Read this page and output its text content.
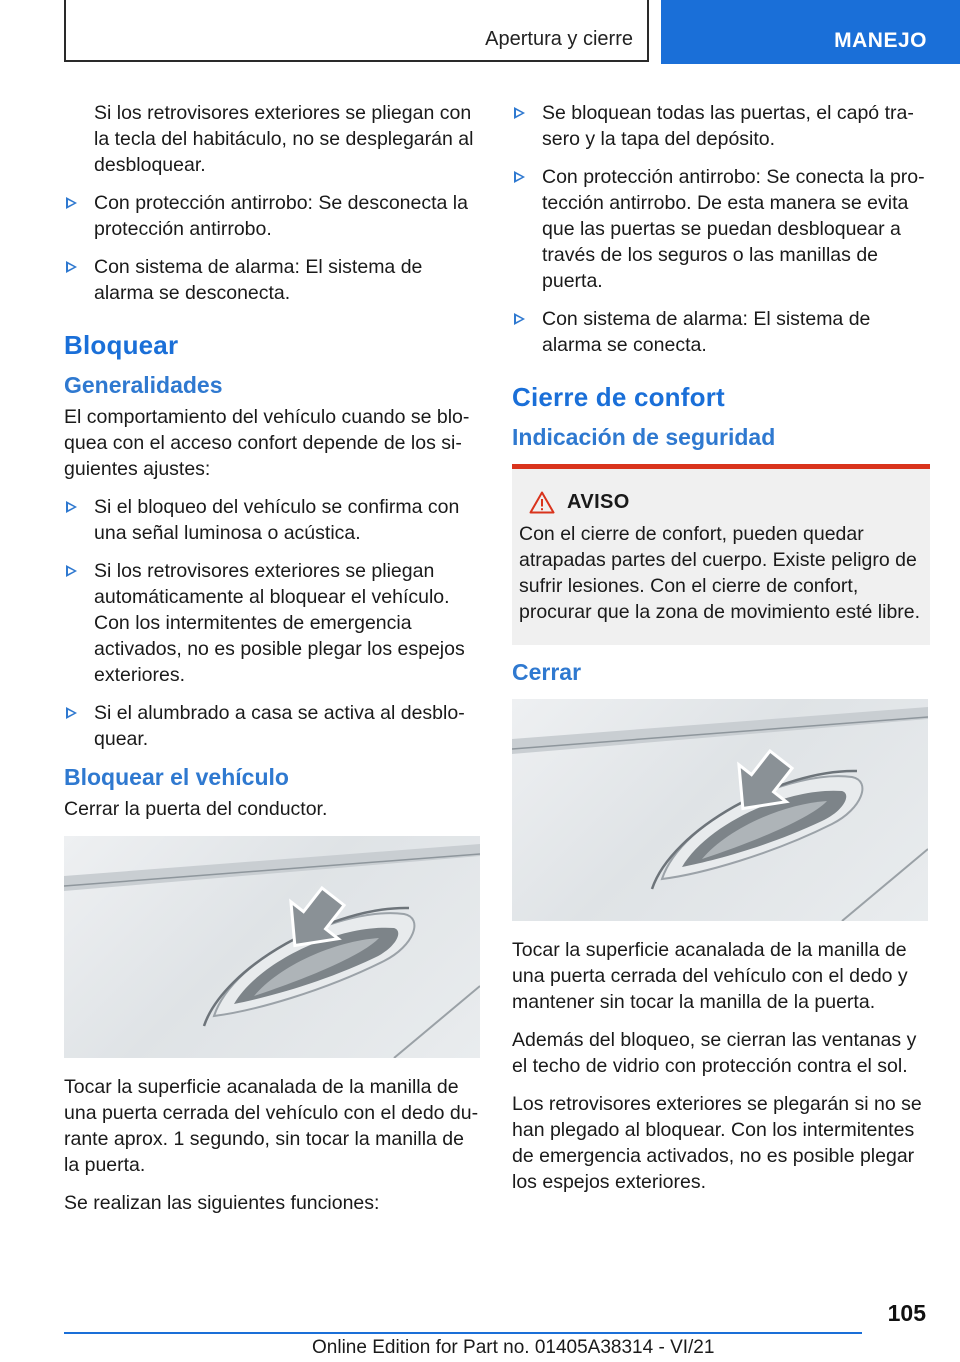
Apertura y cierre	MANEJO

Si los retrovisores exteriores se pliegan con la tecla del habitáculo, no se desplegarán al desbloquear.

Con protección antirrobo: Se desconecta la protección antirrobo.
Con sistema de alarma: El sistema de alarma se desconecta.
Bloquear
Generalidades

El comportamiento del vehículo cuando se bloquea con el acceso confort depende de los siguientes ajustes:

Si el bloqueo del vehículo se confirma con una señal luminosa o acústica.
Si los retrovisores exteriores se pliegan automáticamente al bloquear el vehículo. Con los intermitentes de emergencia activados, no es posible plegar los espejos exteriores.
Si el alumbrado a casa se activa al desbloquear.
Bloquear el vehículo

Cerrar la puerta del conductor.

Tocar la superficie acanalada de la manilla de una puerta cerrada del vehículo con el dedo durante aprox. 1 segundo, sin tocar la manilla de la puerta.

Se realizan las siguientes funciones:

Se bloquean todas las puertas, el capó trasero y la tapa del depósito.
Con protección antirrobo: Se conecta la protección antirrobo. De esta manera se evita que las puertas se puedan desbloquear a través de los seguros o las manillas de puerta.
Con sistema de alarma: El sistema de alarma se conecta.
Cierre de confort
Indicación de seguridad
AVISO

Con el cierre de confort, pueden quedar atrapadas partes del cuerpo. Existe peligro de sufrir lesiones. Con el cierre de confort, procurar que la zona de movimiento esté libre.

Cerrar

Tocar la superficie acanalada de la manilla de una puerta cerrada del vehículo con el dedo y mantener sin tocar la manilla de la puerta.

Además del bloqueo, se cierran las ventanas y el techo de vidrio con protección contra el sol.

Los retrovisores exteriores se plegarán si no se han plegado al bloquear. Con los intermitentes de emergencia activados, no es posible plegar los espejos exteriores.

105
Online Edition for Part no. 01405A38314 - VI/21
